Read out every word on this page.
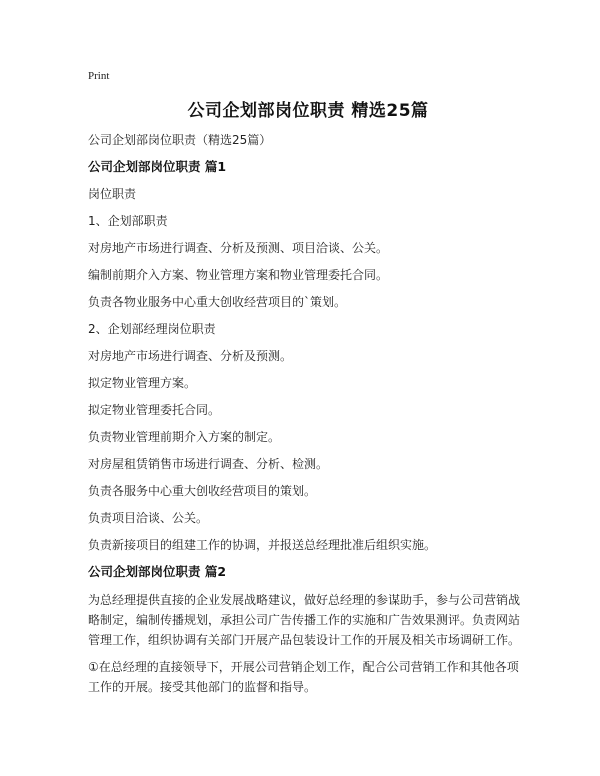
Print
公司企划部岗位职责 精选25篇
公司企划部岗位职责（精选25篇）
公司企划部岗位职责 篇1
岗位职责
1、企划部职责
对房地产市场进行调查、分析及预测、项目洽谈、公关。
编制前期介入方案、物业管理方案和物业管理委托合同。
负责各物业服务中心重大创收经营项目的`策划。
2、企划部经理岗位职责
对房地产市场进行调查、分析及预测。
拟定物业管理方案。
拟定物业管理委托合同。
负责物业管理前期介入方案的制定。
对房屋租赁销售市场进行调查、分析、检测。
负责各服务中心重大创收经营项目的策划。
负责项目洽谈、公关。
负责新接项目的组建工作的协调，并报送总经理批准后组织实施。
公司企划部岗位职责 篇2
为总经理提供直接的企业发展战略建议，做好总经理的参谋助手，参与公司营销战略制定，编制传播规划，承担公司广告传播工作的实施和广告效果测评。负责网站管理工作，组织协调有关部门开展产品包装设计工作的开展及相关市场调研工作。
①在总经理的直接领导下，开展公司营销企划工作，配合公司营销工作和其他各项工作的开展。接受其他部门的监督和指导。
